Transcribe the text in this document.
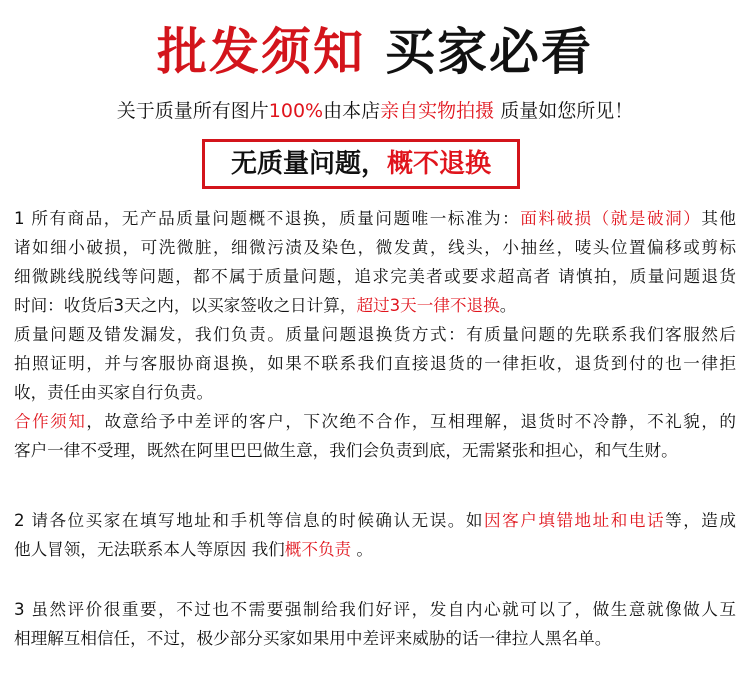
批发须知 买家必看
关于质量所有图片100%由本店亲自实物拍摄 质量如您所见！
无质量问题，概不退换
1 所有商品，无产品质量问题概不退换，质量问题唯一标准为：面料破损（就是破洞）其他
诸如细小破损，可洗微脏，细微污渍及染色，微发黄，线头，小抽丝，唛头位置偏移或剪标
细微跳线脱线等问题，都不属于质量问题，追求完美者或要求超高者 请慎拍，质量问题退货
时间：收货后3天之内，以买家签收之日计算，超过3天一律不退换。
质量问题及错发漏发，我们负责。质量问题退换货方式：有质量问题的先联系我们客服然后
拍照证明，并与客服协商退换，如果不联系我们直接退货的一律拒收，退货到付的也一律拒
收，责任由买家自行负责。
合作须知，故意给予中差评的客户，下次绝不合作，互相理解，退货时不冷静，不礼貌，的
客户一律不受理，既然在阿里巴巴做生意，我们会负责到底，无需紧张和担心，和气生财。
2 请各位买家在填写地址和手机等信息的时候确认无误。如因客户填错地址和电话等，造成
他人冒领，无法联系本人等原因 我们概不负责 。
3 虽然评价很重要，不过也不需要强制给我们好评，发自内心就可以了，做生意就像做人互
相理解互相信任，不过，极少部分买家如果用中差评来威胁的话一律拉人黑名单。
